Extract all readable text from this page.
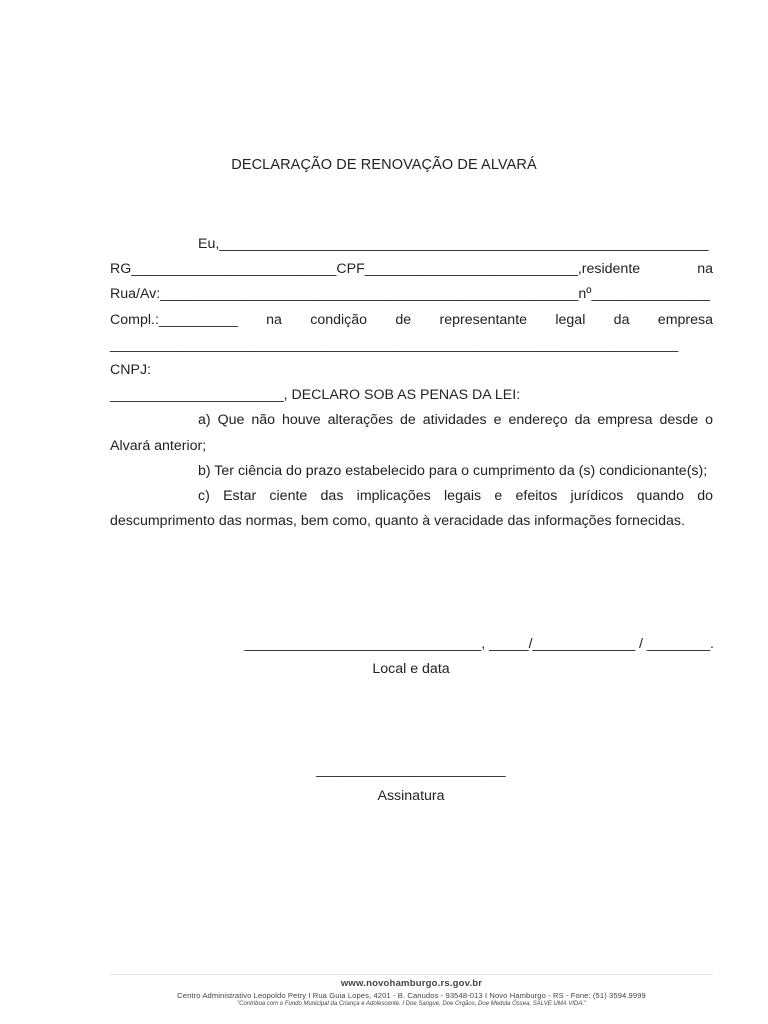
DECLARAÇÃO DE RENOVAÇÃO DE ALVARÁ

Eu,______________________________________________________________

RG__________________________CPF___________________________,residente na

Rua/Av:_____________________________________________________nº_______________

Compl.:__________ na condição de representante legal da empresa

________________________________________________________________________ CNPJ:

______________________, DECLARO SOB AS PENAS DA LEI:

a) Que não houve alterações de atividades e endereço da empresa desde o Alvará anterior;

b) Ter ciência do prazo estabelecido para o cumprimento da (s) condicionante(s);

c) Estar ciente das implicações legais e efeitos jurídicos quando do descumprimento das normas, bem como, quanto à veracidade das informações fornecidas.

______________________________, _____/_____________ / ________.
Local e data
________________________
Assinatura
www.novohamburgo.rs.gov.br
Centro Administrativo Leopoldo Petry I Rua Guia Lopes, 4201 - B. Canudos - 93548-013 I Novo Hamburgo - RS - Fone: (51) 3594.9999
"Contribua com o Fundo Municipal da Criança e Adolescente. I Doe Sangue, Doe Orgãos, Doe Medula Óssea, SALVE UMA VIDA."
